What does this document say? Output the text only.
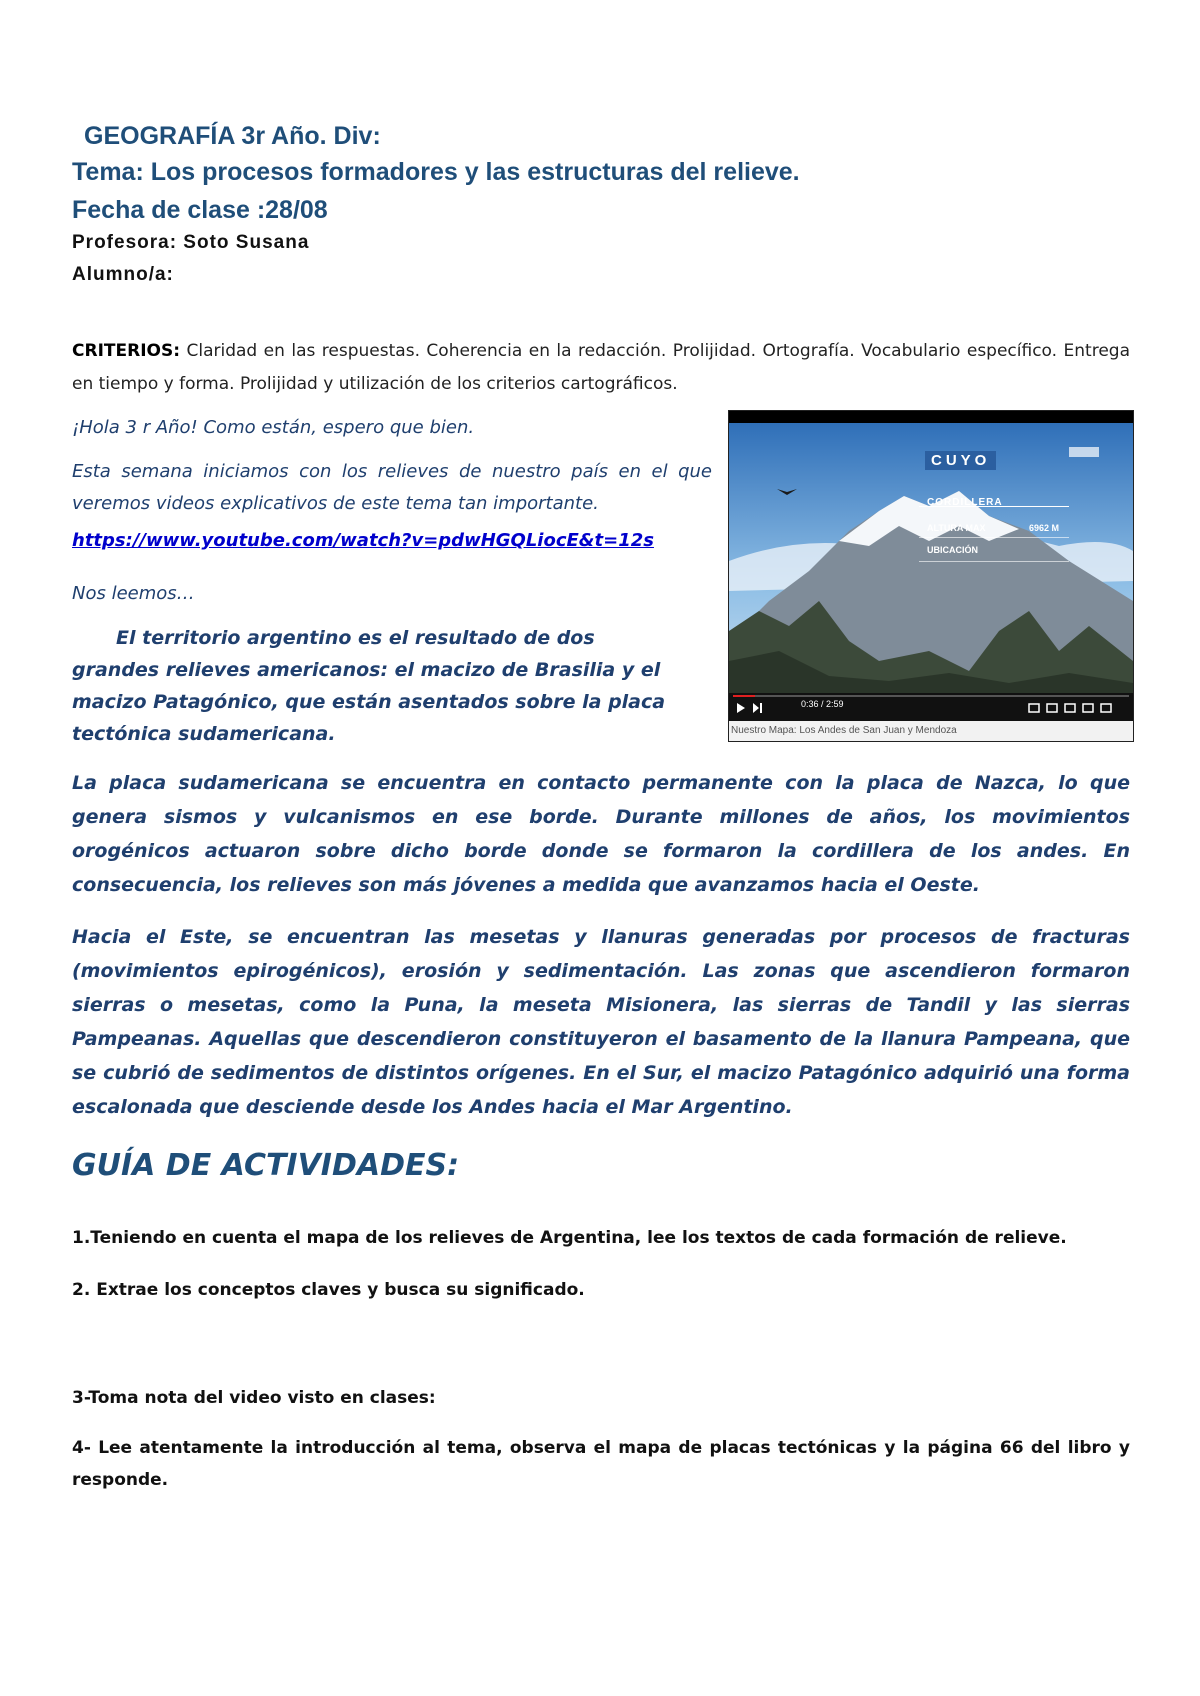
GEOGRAFÍA 3r Año. Div:
Tema: Los procesos formadores y las estructuras del relieve.
Fecha de clase :28/08
Profesora: Soto Susana
Alumno/a:
CRITERIOS: Claridad en las respuestas. Coherencia en la redacción. Prolijidad. Ortografía. Vocabulario específico. Entrega en tiempo y forma. Prolijidad y utilización de los criterios cartográficos.
¡Hola 3 r Año! Como están, espero que bien.
Esta semana iniciamos con los relieves de nuestro país en el que veremos videos explicativos de este tema tan importante.
https://www.youtube.com/watch?v=pdwHGQLiocE&t=12s
Nos leemos…
El territorio argentino es el resultado de dos grandes relieves americanos: el macizo de Brasilia y el macizo Patagónico, que están asentados sobre la placa tectónica sudamericana.
CUYO
CORDILLERA
ALTURA MAX	6962 M
UBICACIÓN
0:36 / 2:59
Nuestro Mapa: Los Andes de San Juan y Mendoza
La placa sudamericana se encuentra en contacto permanente con la placa de Nazca, lo que genera sismos y vulcanismos en ese borde. Durante millones de años, los movimientos orogénicos actuaron sobre dicho borde donde se formaron la cordillera de los andes. En consecuencia, los relieves son más jóvenes a medida que avanzamos hacia el Oeste.
Hacia el Este, se encuentran las mesetas y llanuras generadas por procesos de fracturas (movimientos epirogénicos), erosión y sedimentación. Las zonas que ascendieron formaron sierras o mesetas, como la Puna, la meseta Misionera, las sierras de Tandil y las sierras Pampeanas. Aquellas que descendieron constituyeron el basamento de la llanura Pampeana, que se cubrió de sedimentos de distintos orígenes. En el Sur, el macizo Patagónico adquirió una forma escalonada que desciende desde los Andes hacia el Mar Argentino.
GUÍA DE ACTIVIDADES:
1.Teniendo en cuenta el mapa de los relieves de Argentina, lee los textos de cada formación de relieve.
2. Extrae los conceptos claves y busca su significado.
3-Toma nota del video visto en clases:
4- Lee atentamente la introducción al tema, observa el mapa de placas tectónicas y la página 66 del libro y responde.
